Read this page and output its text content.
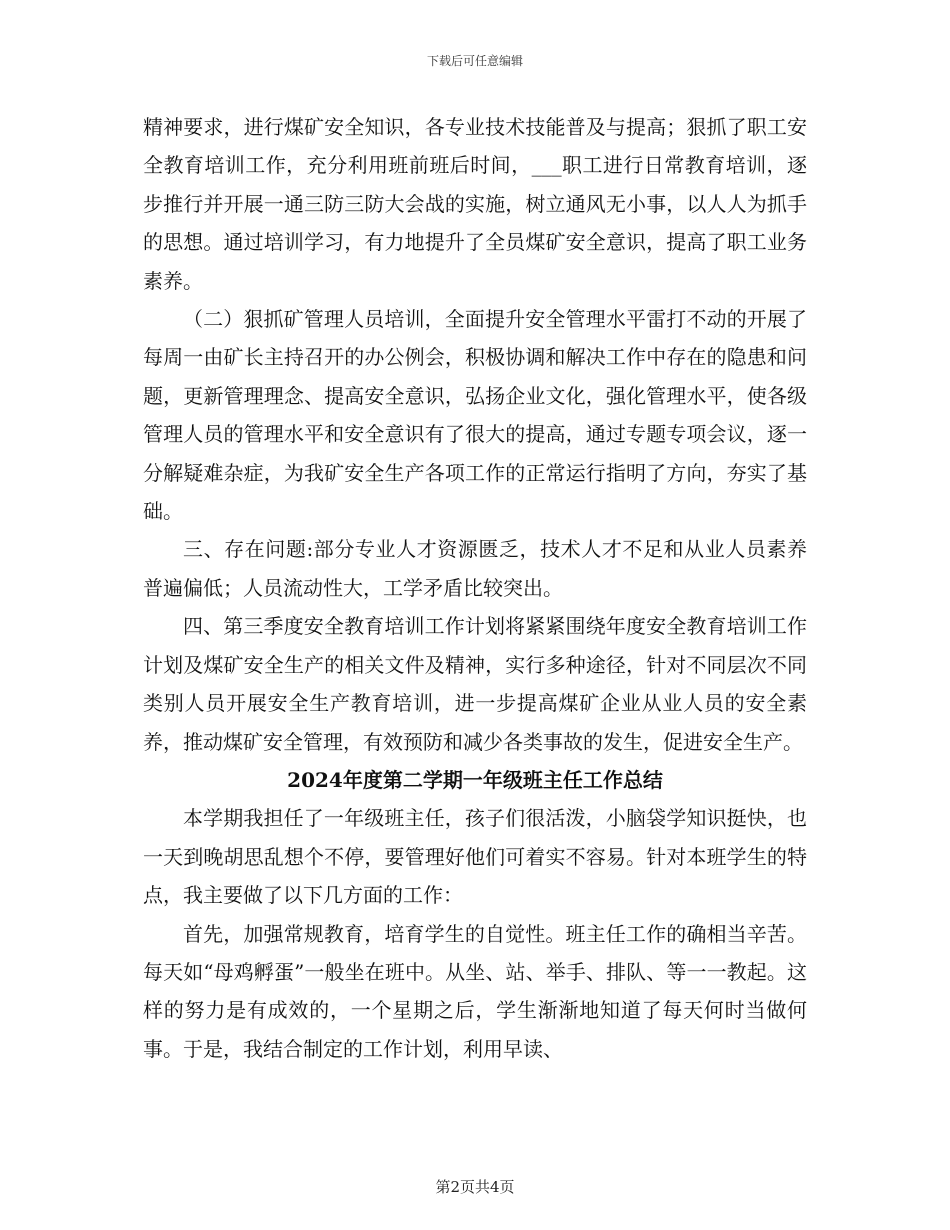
下载后可任意编辑

精神要求，进行煤矿安全知识，各专业技术技能普及与提高；狠抓了职工安全教育培训工作，充分利用班前班后时间，___职工进行日常教育培训，逐步推行并开展一通三防三防大会战的实施，树立通风无小事，以人人为抓手的思想。通过培训学习，有力地提升了全员煤矿安全意识，提高了职工业务素养。

（二）狠抓矿管理人员培训，全面提升安全管理水平雷打不动的开展了每周一由矿长主持召开的办公例会，积极协调和解决工作中存在的隐患和问题，更新管理理念、提高安全意识，弘扬企业文化，强化管理水平，使各级管理人员的管理水平和安全意识有了很大的提高，通过专题专项会议，逐一分解疑难杂症，为我矿安全生产各项工作的正常运行指明了方向，夯实了基础。

三、存在问题:部分专业人才资源匮乏，技术人才不足和从业人员素养普遍偏低；人员流动性大，工学矛盾比较突出。

四、第三季度安全教育培训工作计划将紧紧围绕年度安全教育培训工作计划及煤矿安全生产的相关文件及精神，实行多种途径，针对不同层次不同类别人员开展安全生产教育培训，进一步提高煤矿企业从业人员的安全素养，推动煤矿安全管理，有效预防和减少各类事故的发生，促进安全生产。

2024年度第二学期一年级班主任工作总结

本学期我担任了一年级班主任，孩子们很活泼，小脑袋学知识挺快，也一天到晚胡思乱想个不停，要管理好他们可着实不容易。针对本班学生的特点，我主要做了以下几方面的工作：

首先，加强常规教育，培育学生的自觉性。班主任工作的确相当辛苦。每天如“母鸡孵蛋”一般坐在班中。从坐、站、举手、排队、等一一教起。这样的努力是有成效的，一个星期之后，学生渐渐地知道了每天何时当做何事。于是，我结合制定的工作计划，利用早读、

第2页共4页
